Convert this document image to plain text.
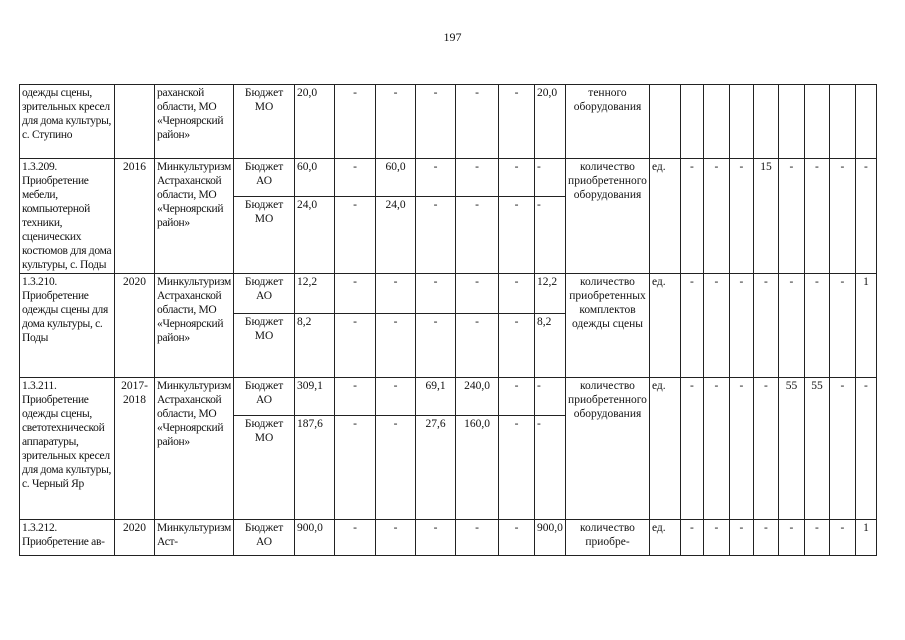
197
одежды сцены, зрительных кресел для дома культуры, с. Ступино		раханской области, МО «Черноярский район»	Бюджет МО	20,0	-	-	-	-	-	20,0	тенного оборудования									
1.3.209. Приобретение мебели, компьютерной техники, сценических костюмов для дома культуры, с. Поды	2016	Минкультуризм Астраханской области, МО «Черноярский район»	Бюджет АО	60,0	-	60,0	-	-	-	-	количество приобретенного оборудования	ед.	-	-	-	15	-	-	-	-
			Бюджет МО	24,0	-	24,0	-	-	-	-										
1.3.210. Приобретение одежды сцены для дома культуры, с. Поды	2020	Минкультуризм Астраханской области, МО «Черноярский район»	Бюджет АО	12,2	-	-	-	-	-	12,2	количество приобретенных комплектов одежды сцены	ед.	-	-	-	-	-	-	-	1
			Бюджет МО	8,2	-	-	-	-	-	8,2										
1.3.211. Приобретение одежды сцены, светотехнической аппаратуры, зрительных кресел для дома культуры, с. Черный Яр	2017-2018	Минкультуризм Астраханской области, МО «Черноярский район»	Бюджет АО	309,1	-	-	69,1	240,0	-	-	количество приобретенного оборудования	ед.	-	-	-	-	55	55	-	-
			Бюджет МО	187,6	-	-	27,6	160,0	-	-										
1.3.212. Приобретение ав-	2020	Минкультуризм Аст-	Бюджет АО	900,0	-	-	-	-	-	900,0	количество приобре-	ед.	-	-	-	-	-	-	-	1
